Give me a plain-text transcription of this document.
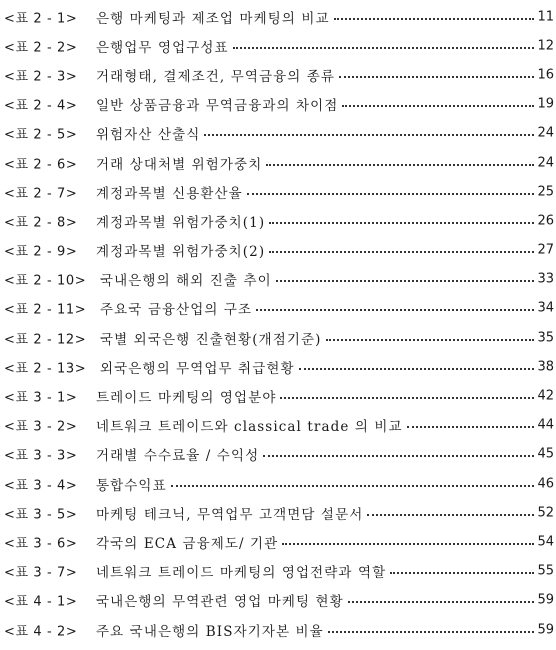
<표 2 - 1> 은행 마케팅과 제조업 마케팅의 비교	11
<표 2 - 2> 은행업무 영업구성표	12
<표 2 - 3> 거래형태, 결제조건, 무역금융의 종류	16
<표 2 - 4> 일반 상품금융과 무역금융과의 차이점	19
<표 2 - 5> 위험자산 산출식	24
<표 2 - 6> 거래 상대처별 위험가중치	24
<표 2 - 7> 계정과목별 신용환산율	25
<표 2 - 8> 계정과목별 위험가중치(1)	26
<표 2 - 9> 계정과목별 위험가중치(2)	27
<표 2 - 10> 국내은행의 해외 진출 추이	33
<표 2 - 11> 주요국 금융산업의 구조	34
<표 2 - 12> 국별 외국은행 진출현황(개점기준)	35
<표 2 - 13> 외국은행의 무역업무 취급현황	38
<표 3 - 1> 트레이드 마케팅의 영업분야	42
<표 3 - 2> 네트워크 트레이드와 classical trade 의 비교	44
<표 3 - 3> 거래별 수수료율 / 수익성	45
<표 3 - 4> 통합수익표	46
<표 3 - 5> 마케팅 테크닉, 무역업무 고객면담 설문서	52
<표 3 - 6> 각국의 ECA 금융제도/ 기관	54
<표 3 - 7> 네트워크 트레이드 마케팅의 영업전략과 역할	55
<표 4 - 1> 국내은행의 무역관련 영업 마케팅 현황	59
<표 4 - 2> 주요 국내은행의 BIS자기자본 비율	59
